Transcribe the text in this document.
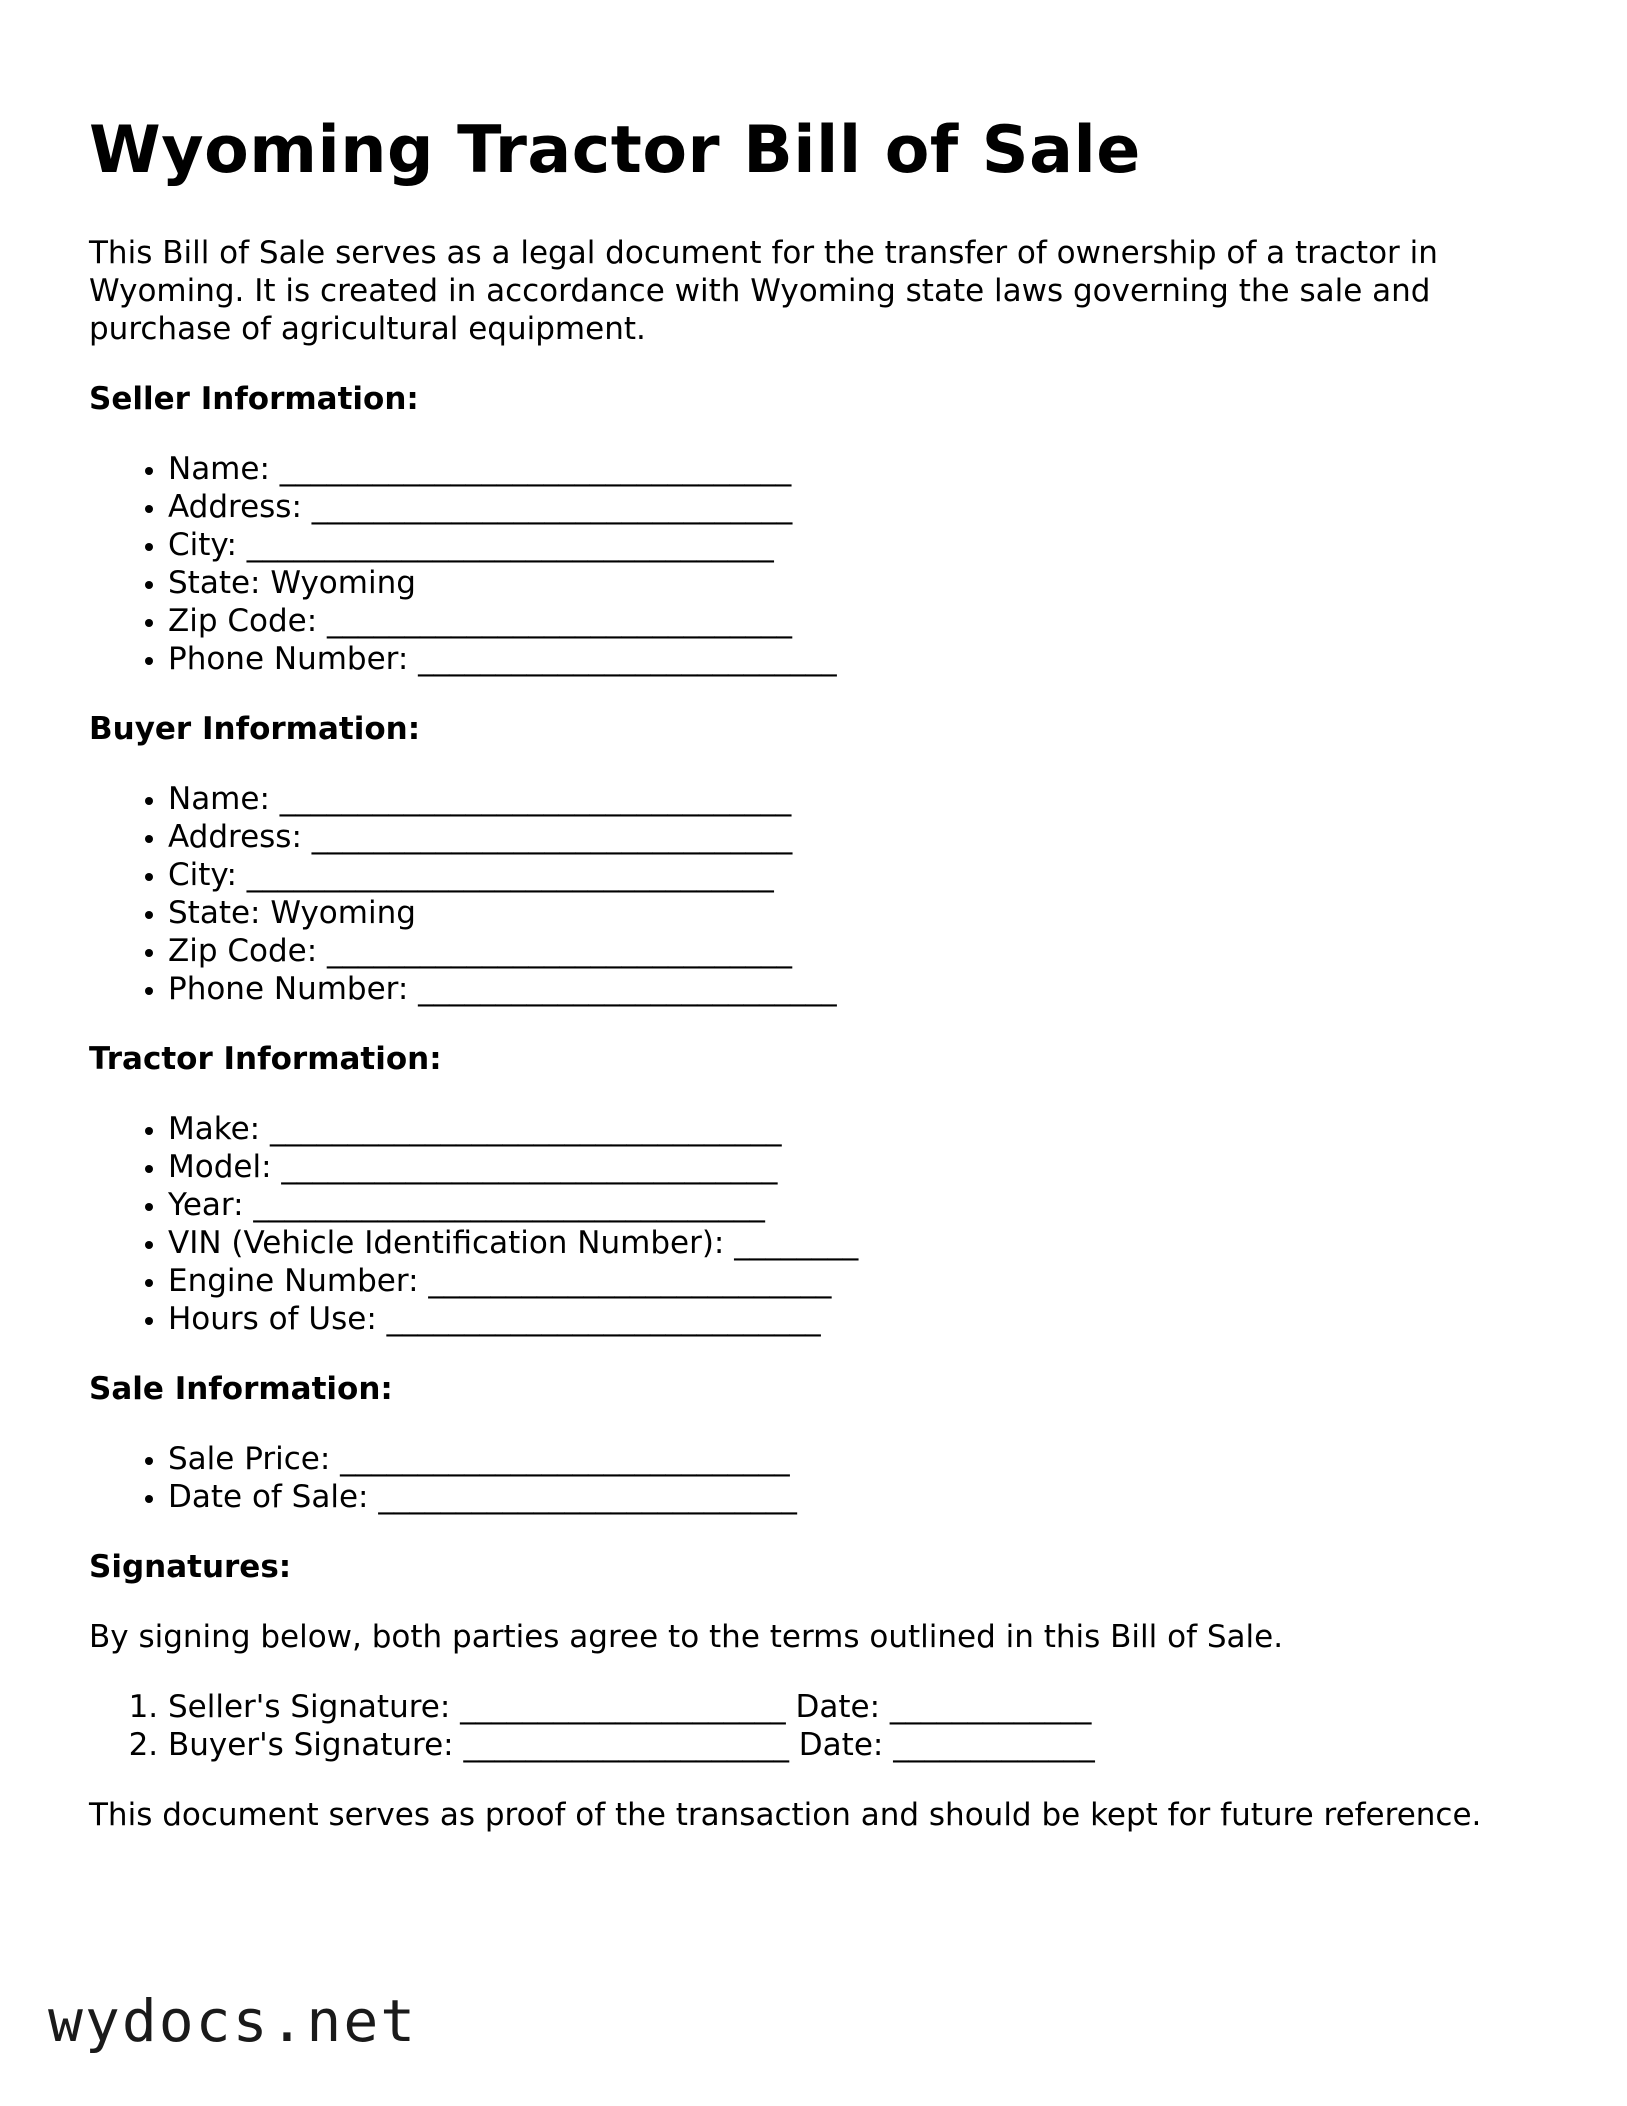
Wyoming Tractor Bill of Sale

This Bill of Sale serves as a legal document for the transfer of ownership of a tractor in Wyoming. It is created in accordance with Wyoming state laws governing the sale and purchase of agricultural equipment.

Seller Information:
• Name: _________________________________
• Address: _______________________________
• City: __________________________________
• State: Wyoming
• Zip Code: ______________________________
• Phone Number: ___________________________
Buyer Information:
• Name: _________________________________
• Address: _______________________________
• City: __________________________________
• State: Wyoming
• Zip Code: ______________________________
• Phone Number: ___________________________
Tractor Information:
• Make: _________________________________
• Model: ________________________________
• Year: _________________________________
• VIN (Vehicle Identification Number): ________
• Engine Number: __________________________
• Hours of Use: ____________________________
Sale Information:
• Sale Price: _____________________________
• Date of Sale: ___________________________
Signatures:

By signing below, both parties agree to the terms outlined in this Bill of Sale.

1. Seller's Signature: _____________________ Date: _____________
2. Buyer's Signature: _____________________ Date: _____________

This document serves as proof of the transaction and should be kept for future reference.

wydocs.net
